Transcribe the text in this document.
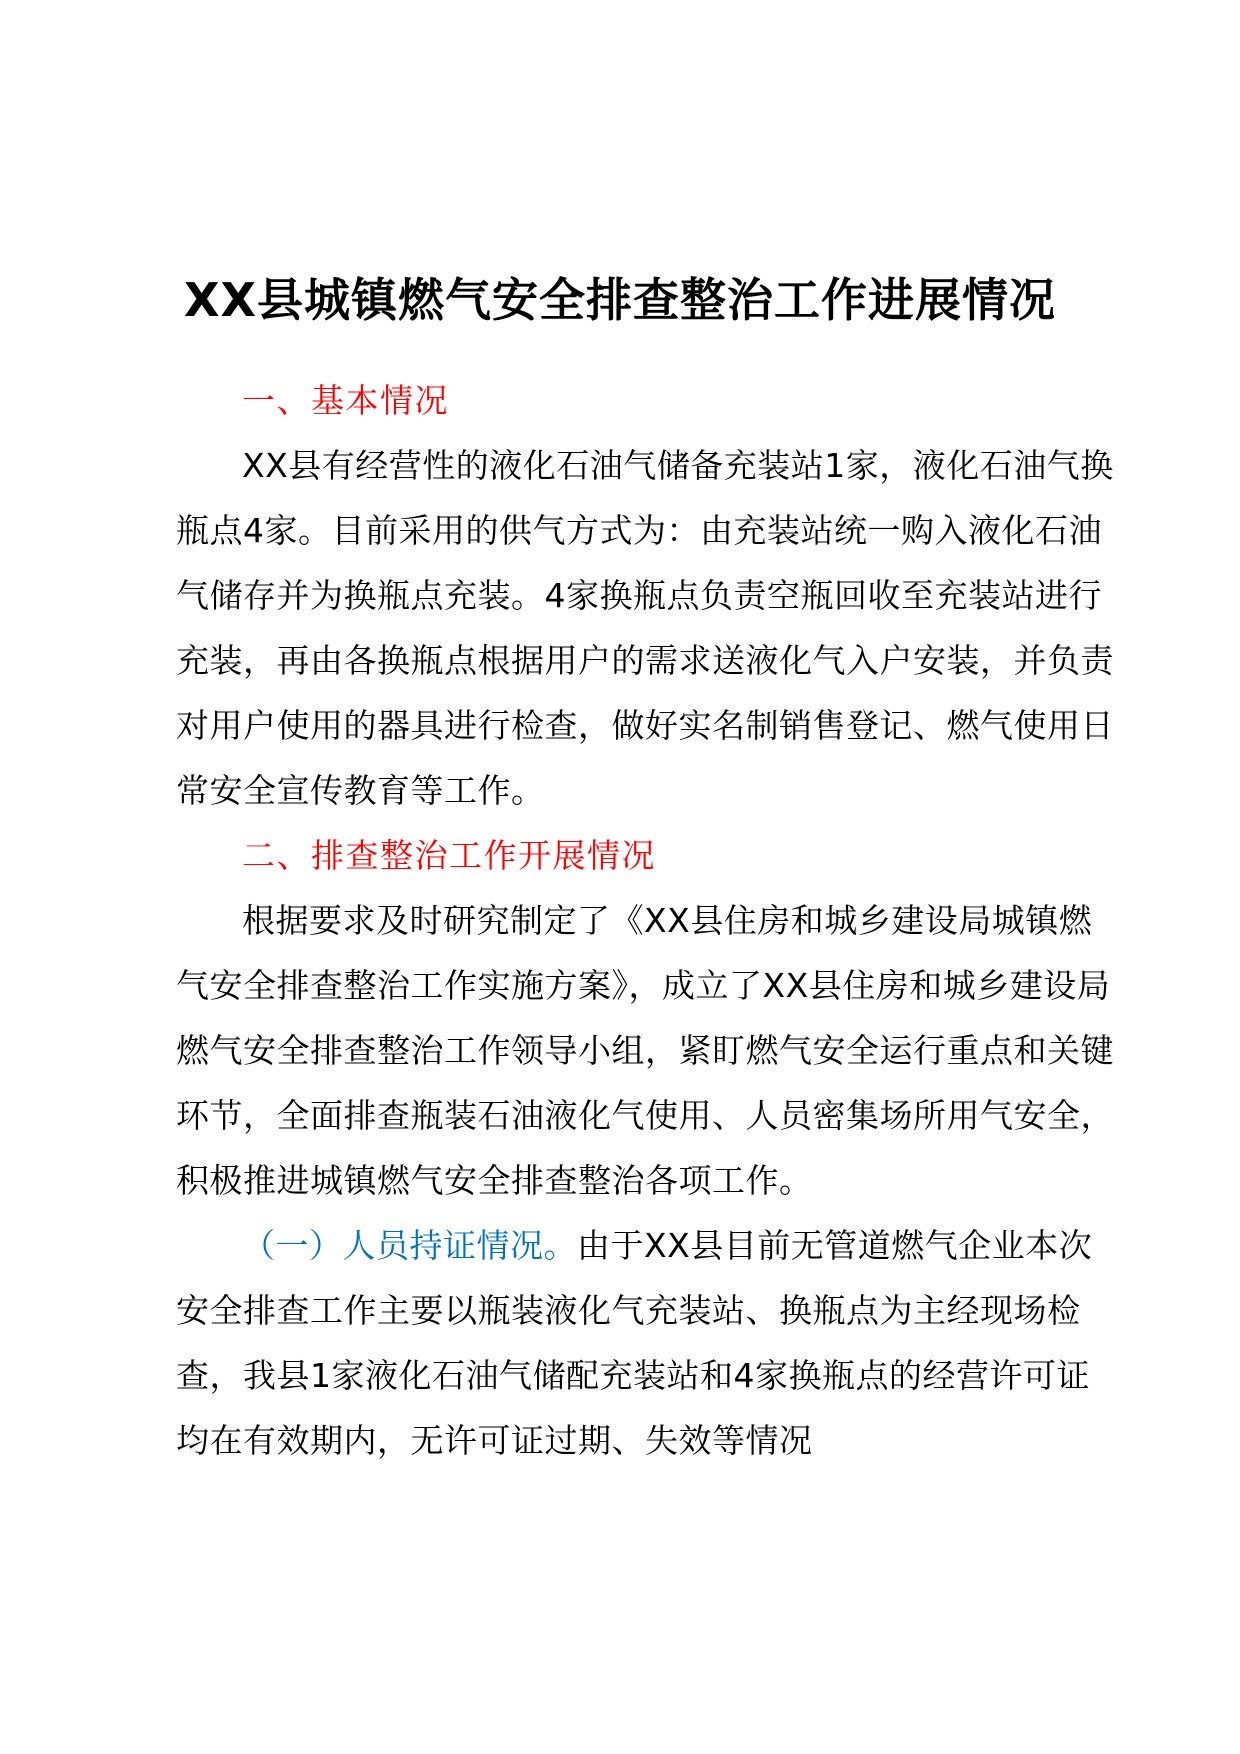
XX县城镇燃气安全排查整治工作进展情况

一、基本情况

XX县有经营性的液化石油气储备充装站1家，液化石油气换瓶点4家。目前采用的供气方式为：由充装站统一购入液化石油气储存并为换瓶点充装。4家换瓶点负责空瓶回收至充装站进行充装，再由各换瓶点根据用户的需求送液化气入户安装，并负责对用户使用的器具进行检查，做好实名制销售登记、燃气使用日常安全宣传教育等工作。

二、排查整治工作开展情况

根据要求及时研究制定了《XX县住房和城乡建设局城镇燃气安全排查整治工作实施方案》，成立了XX县住房和城乡建设局燃气安全排查整治工作领导小组，紧盯燃气安全运行重点和关键环节，全面排查瓶装石油液化气使用、人员密集场所用气安全，积极推进城镇燃气安全排查整治各项工作。

（一）人员持证情况。由于XX县目前无管道燃气企业本次安全排查工作主要以瓶装液化气充装站、换瓶点为主经现场检查，我县1家液化石油气储配充装站和4家换瓶点的经营许可证均在有效期内，无许可证过期、失效等情况
